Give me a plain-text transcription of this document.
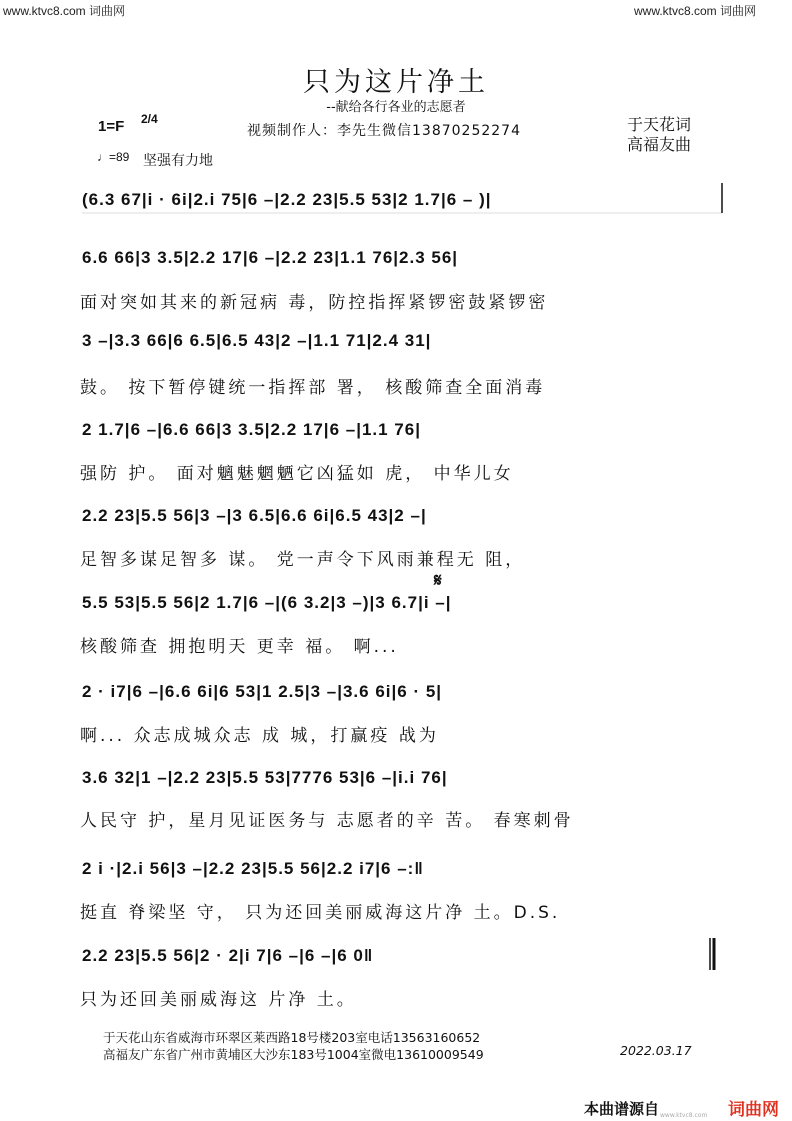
www.ktvc8.com 词曲网	www.ktvc8.com 词曲网
只为这片净土
--献给各行各业的志愿者
1=F 2/4
视频制作人：李先生微信13870252274	于天花词
高福友曲
♩=89 坚强有力地
𝄋
(6.3 67|i · 6i|2.i 75|6 –|2.2 23|5.5 53|2 1.7|6 – )|
6.6 66|3 3.5|2.2 17|6 –|2.2 23|1.1 76|2.3 56|
面对突如其来的新冠病 毒，防控指挥紧锣密鼓紧锣密
3 –|3.3 66|6 6.5|6.5 43|2 –|1.1 71|2.4 31|
鼓。 按下暂停键统一指挥部 署， 核酸筛查全面消毒
2 1.7|6 –|6.6 66|3 3.5|2.2 17|6 –|1.1 76|
强防 护。 面对魑魅魍魉它凶猛如 虎， 中华儿女
2.2 23|5.5 56|3 –|3 6.5|6.6 6i|6.5 43|2 –|
足智多谋足智多 谋。 党一声令下风雨兼程无 阻，
5.5 53|5.5 56|2 1.7|6 –|(6 3.2|3 –)|3 6.7|i –|
核酸筛查 拥抱明天 更幸 福。 啊...
2 · i7|6 –|6.6 6i|6 53|1 2.5|3 –|3.6 6i|6 · 5|
啊... 众志成城众志 成 城，打赢疫 战为
3.6 32|1 –|2.2 23|5.5 53|7776 53|6 –|i.i 76|
人民守 护，星月见证医务与 志愿者的辛 苦。 春寒刺骨
2 i ·|2.i 56|3 –|2.2 23|5.5 56|2.2 i7|6 –:‖
挺直 脊梁坚 守， 只为还回美丽威海这片净 土。D.S.
2.2 23|5.5 56|2 · 2|i 7|6 –|6 –|6 0‖
只为还回美丽威海这 片净 土。
于天花山东省威海市环翠区莱西路18号楼203室电话13563160652
高福友广东省广州市黄埔区大沙东183号1004室微电13610009549	2022.03.17
本曲谱源自	词曲网
www.ktvc8.com
